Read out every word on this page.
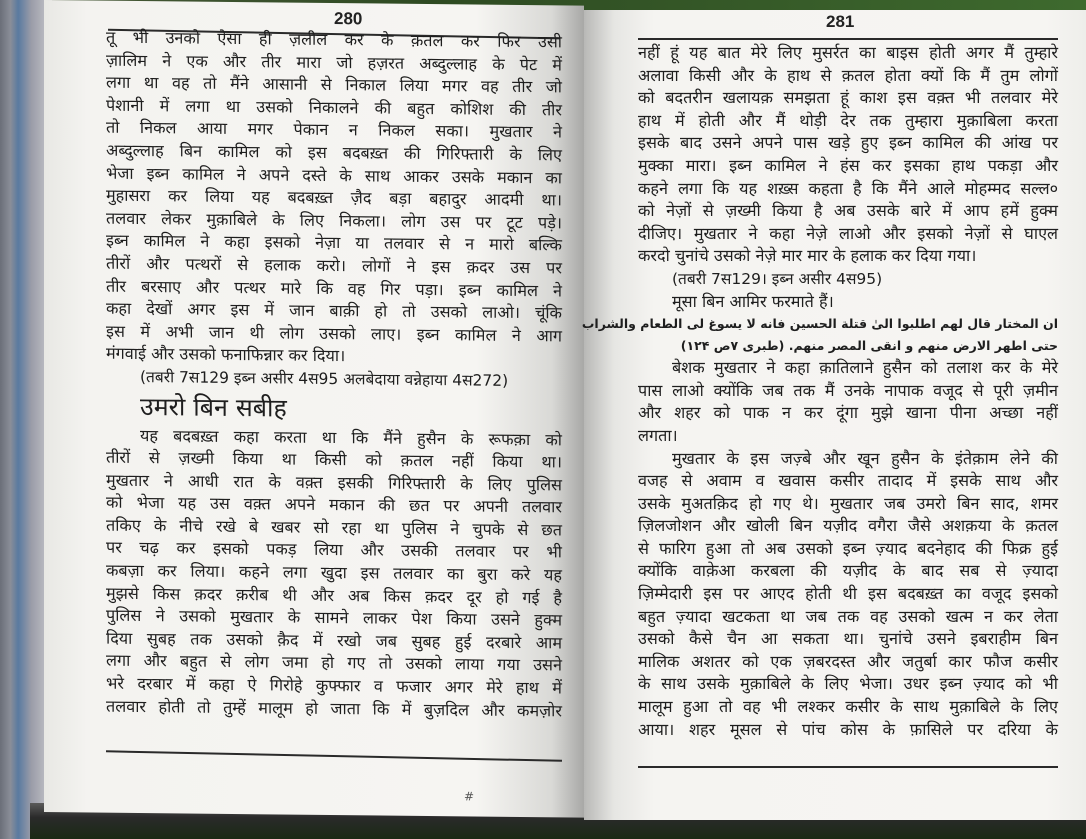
280
तू भी उनको ऐसा ही ज़लील कर के क़तल कर फिर उसी
ज़ालिम ने एक और तीर मारा जो हज़रत अब्दुल्लाह के पेट में
लगा था वह तो मैंने आसानी से निकाल लिया मगर वह तीर जो
पेशानी में लगा था उसको निकालने की बहुत कोशिश की तीर
तो निकल आया मगर पेकान न निकल सका। मुखतार ने
अब्दुल्लाह बिन कामिल को इस बदबख़्त की गिरिफ्तारी के लिए
भेजा इब्न कामिल ने अपने दस्ते के साथ आकर उसके मकान का
मुहासरा कर लिया यह बदबख़्त ज़ैद बड़ा बहादुर आदमी था।
तलवार लेकर मुक़ाबिले के लिए निकला। लोग उस पर टूट पड़े।
इब्न कामिल ने कहा इसको नेज़ा या तलवार से न मारो बल्कि
तीरों और पत्थरों से हलाक करो। लोगों ने इस क़दर उस पर
तीर बरसाए और पत्थर मारे कि वह गिर पड़ा। इब्न कामिल ने
कहा देखों अगर इस में जान बाक़ी हो तो उसको लाओ। चूंकि
इस में अभी जान थी लोग उसको लाए। इब्न कामिल ने आग
मंगवाई और उसको फनाफिन्नार कर दिया।
(तबरी 7स129 इब्न असीर 4स95 अलबेदाया वन्नेहाया 4स272)
उमरो बिन सबीह
यह बदबख़्त कहा करता था कि मैंने हुसैन के रूफक़ा को
तीरों से ज़ख्मी किया था किसी को क़तल नहीं किया था।
मुखतार ने आधी रात के वक़्त इसकी गिरिफ्तारी के लिए पुलिस
को भेजा यह उस वक़्त अपने मकान की छत पर अपनी तलवार
तकिए के नीचे रखे बे खबर सो रहा था पुलिस ने चुपके से छत
पर चढ़ कर इसको पकड़ लिया और उसकी तलवार पर भी
कबज़ा कर लिया। कहने लगा खुदा इस तलवार का बुरा करे यह
मुझसे किस क़दर क़रीब थी और अब किस क़दर दूर हो गई है
पुलिस ने उसको मुखतार के सामने लाकर पेश किया उसने हुक्म
दिया सुबह तक उसको क़ैद में रखो जब सुबह हुई दरबारे आम
लगा और बहुत से लोग जमा हो गए तो उसको लाया गया उसने
भरे दरबार में कहा ऐ गिरोहे कुफ्फार व फजार अगर मेरे हाथ में
तलवार होती तो तुम्हें मालूम हो जाता कि में बुज़दिल और कमज़ोर
#
281
नहीं हूं यह बात मेरे लिए मुसर्रत का बाइस होती अगर मैं तुम्हारे
अलावा किसी और के हाथ से क़तल होता क्यों कि मैं तुम लोगों
को बदतरीन खलायक़ समझता हूं काश इस वक़्त भी तलवार मेरे
हाथ में होती और मैं थोड़ी देर तक तुम्हारा मुक़ाबिला करता
इसके बाद उसने अपने पास खड़े हुए इब्न कामिल की आंख पर
मुक्का मारा। इब्न कामिल ने हंस कर इसका हाथ पकड़ा और
कहने लगा कि यह शख़्स कहता है कि मैंने आले मोहम्मद सल्ल०
को नेज़ों से ज़ख्मी किया है अब उसके बारे में आप हमें हुक्म
दीजिए। मुखतार ने कहा नेज़े लाओ और इसको नेज़ों से घाएल
करदो चुनांचे उसको नेज़े मार मार के हलाक कर दिया गया।
(तबरी 7स129। इब्न असीर 4स95)
मूसा बिन आमिर फरमाते हैं।
ان المختار قال لهم اطلبوا الىٰ قتلة الحسين فانه لا يسوغ لى الطعام والشراب
حتى اطهر الارض منهم و انقى المصر منهم. (طبرى ۷ص ۱۲۴)
बेशक मुखतार ने कहा क़ातिलाने हुसैन को तलाश कर के मेरे
पास लाओ क्योंकि जब तक मैं उनके नापाक वजूद से पूरी ज़मीन
और शहर को पाक न कर दूंगा मुझे खाना पीना अच्छा नहीं
लगता।
मुखतार के इस जज़्बे और खून हुसैन के इंतेक़ाम लेने की
वजह से अवाम व खवास कसीर तादाद में इसके साथ और
उसके मुअतक़िद हो गए थे। मुखतार जब उमरो बिन साद, शमर
ज़िलजोशन और खोली बिन यज़ीद वगैरा जैसे अशक़या के क़तल
से फारिग हुआ तो अब उसको इब्न ज़्याद बदनेहाद की फिक्र हुई
क्योंकि वाक़ेआ करबला की यज़ीद के बाद सब से ज़्यादा
ज़िम्मेदारी इस पर आएद होती थी इस बदबख़्त का वजूद इसको
बहुत ज़्यादा खटकता था जब तक वह उसको खत्म न कर लेता
उसको कैसे चैन आ सकता था। चुनांचे उसने इबराहीम बिन
मालिक अशतर को एक ज़बरदस्त और जतुर्बा कार फौज कसीर
के साथ उसके मुक़ाबिले के लिए भेजा। उधर इब्न ज़्याद को भी
मालूम हुआ तो वह भी लश्कर कसीर के साथ मुक़ाबिले के लिए
आया। शहर मूसल से पांच कोस के फ़ासिले पर दरिया के
